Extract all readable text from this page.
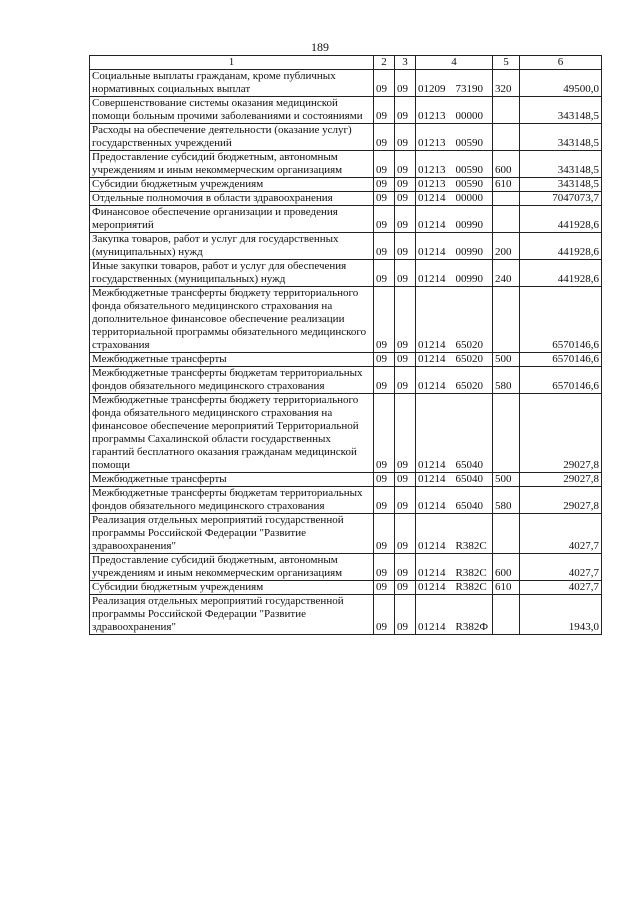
189
1	2	3	4	5	6
Социальные выплаты гражданам, кроме публичных нормативных социальных выплат	09	09	01209 73190	320	49500,0
Совершенствование системы оказания медицинской помощи больным прочими заболеваниями и состояниями	09	09	01213 00000		343148,5
Расходы на обеспечение деятельности (оказание услуг) государственных учреждений	09	09	01213 00590		343148,5
Предоставление субсидий бюджетным, автономным учреждениям и иным некоммерческим организациям	09	09	01213 00590	600	343148,5
Субсидии бюджетным учреждениям	09	09	01213 00590	610	343148,5
Отдельные полномочия в области здравоохранения	09	09	01214 00000		7047073,7
Финансовое обеспечение организации и проведения мероприятий	09	09	01214 00990		441928,6
Закупка товаров, работ и услуг для государственных (муниципальных) нужд	09	09	01214 00990	200	441928,6
Иные закупки товаров, работ и услуг для обеспечения государственных (муниципальных) нужд	09	09	01214 00990	240	441928,6
Межбюджетные трансферты бюджету территориального фонда обязательного медицинского страхования на дополнительное финансовое обеспечение реализации территориальной программы обязательного медицинского страхования	09	09	01214 65020		6570146,6
Межбюджетные трансферты	09	09	01214 65020	500	6570146,6
Межбюджетные трансферты бюджетам территориальных фондов обязательного медицинского страхования	09	09	01214 65020	580	6570146,6
Межбюджетные трансферты бюджету территориального фонда обязательного медицинского страхования на финансовое обеспечение мероприятий Территориальной программы Сахалинской области государственных гарантий бесплатного оказания гражданам медицинской помощи	09	09	01214 65040		29027,8
Межбюджетные трансферты	09	09	01214 65040	500	29027,8
Межбюджетные трансферты бюджетам территориальных фондов обязательного медицинского страхования	09	09	01214 65040	580	29027,8
Реализация отдельных мероприятий государственной программы Российской Федерации "Развитие здравоохранения"	09	09	01214 R382C		4027,7
Предоставление субсидий бюджетным, автономным учреждениям и иным некоммерческим организациям	09	09	01214 R382C	600	4027,7
Субсидии бюджетным учреждениям	09	09	01214 R382C	610	4027,7
Реализация отдельных мероприятий государственной программы Российской Федерации "Развитие здравоохранения"	09	09	01214 R382Ф		1943,0
